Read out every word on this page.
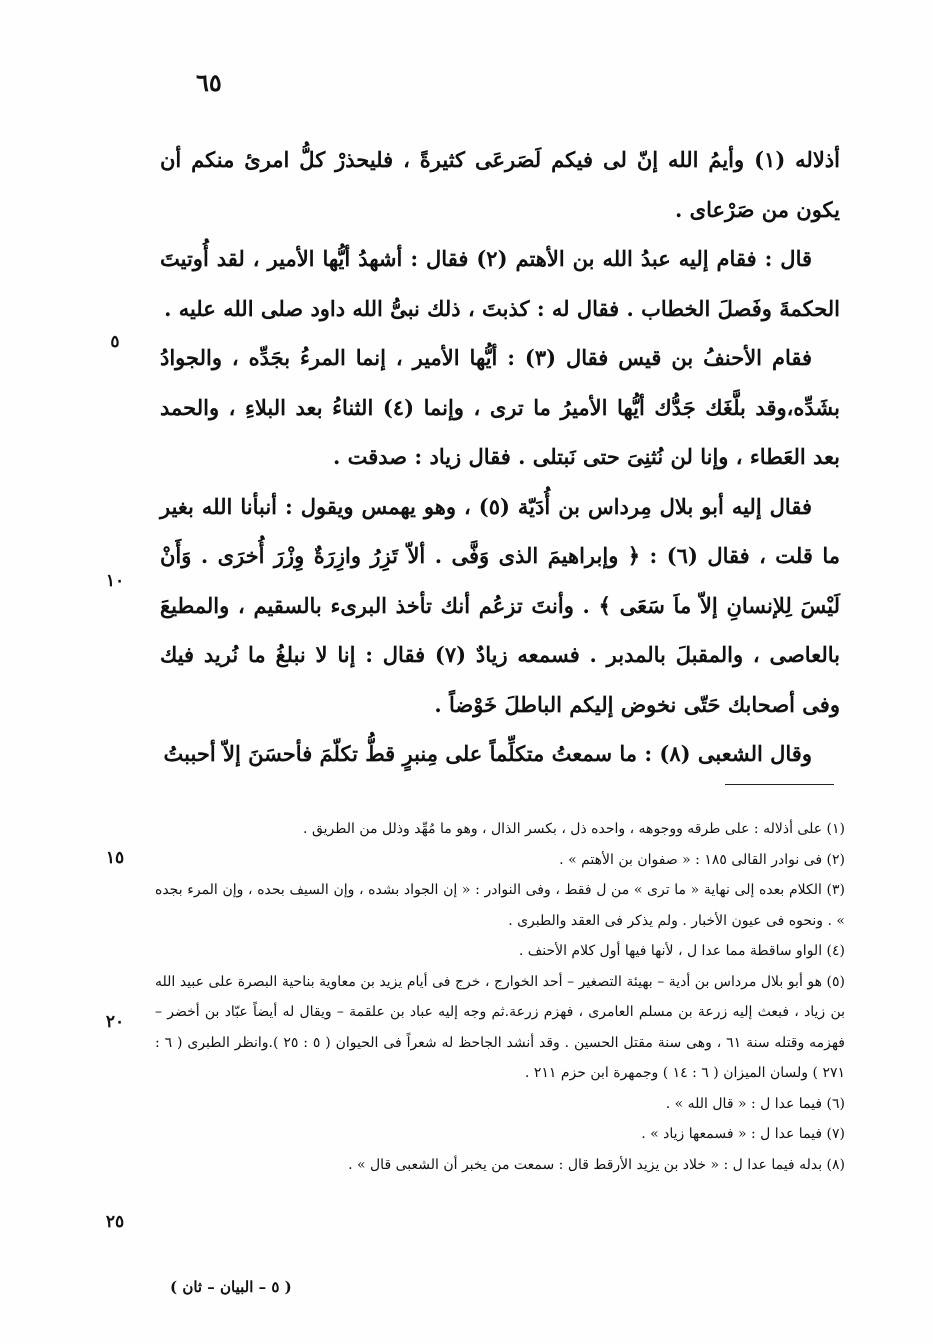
٦٥

أذلاله (١) وأيمُ الله إنّ لى فيكم لَصَرعَى كثيرةً ، فليحذرْ كلُّ امرئ منكم أن يكون من صَرْعاى .

قال : فقام إليه عبدُ الله بن الأهتم (٢) فقال : أشهدُ أيُّها الأمير ، لقد أُوتيتَ الحكمةَ وفَصلَ الخطاب . فقال له : كذبتَ ، ذلك نبىُّ الله داود صلى الله عليه .

فقام الأحنفُ بن قيس فقال (٣) : أيُّها الأمير ، إنما المرءُ بجَدِّه ، والجوادُ بشَدِّه،وقد بلَّغَك جَدُّك أيُّها الأميرُ ما ترى ، وإنما (٤) الثناءُ بعد البلاءِ ، والحمد بعد العَطاء ، وإنا لن نُثنِىَ حتى نَبتلى . فقال زياد : صدقت .

فقال إليه أبو بلال مِرداس بن أُدَيّة (٥) ، وهو يهمس ويقول : أنبأنا الله بغير ما قلت ، فقال (٦) : ﴿ وإبراهيمَ الذى وَفَّى . ألاّ تَزِرُ وازِرَةٌ وِزْرَ أُخرَى . وَأَنْ لَيْسَ لِلإنسانِ إلاّ ماَ سَعَى ﴾ . وأنتَ تزعُم أنك تأخذ البرىء بالسقيم ، والمطيعَ بالعاصى ، والمقبلَ بالمدبر . فسمعه زيادٌ (٧) فقال : إنا لا نبلغُ ما نُريد فيك وفى أصحابك حَتّى نخوض إليكم الباطلَ خَوْضاً .

وقال الشعبى (٨) : ما سمعتُ متكلِّماً على مِنبرٍ قطُّ تكلّمَ فأحسَنَ إلاّ أحببتُ

٥
١٠
١٥
٢٠
٢٥

(١) على أذلاله : على طرقه ووجوهه ، واحده ذل ، بكسر الذال ، وهو ما مُهِّد وذلل من الطريق .

(٢) فى نوادر القالى ١٨٥ : « صفوان بن الأهتم » .

(٣) الكلام بعده إلى نهاية « ما ترى » من ل فقط ، وفى النوادر : « إن الجواد بشده ، وإن السيف بحده ، وإن المرء بجده » . ونحوه فى عيون الأخبار . ولم يذكر فى العقد والطبرى .

(٤) الواو ساقطة مما عدا ل ، لأنها فيها أول كلام الأحنف .

(٥) هو أبو بلال مرداس بن أدية – بهيئة التصغير – أحد الخوارج ، خرج فى أيام يزيد بن معاوية بناحية البصرة على عبيد الله بن زياد ، فبعث إليه زرعة بن مسلم العامرى ، فهزم زرعة.ثم وجه إليه عباد بن علقمة – ويقال له أيضاً عبّاد بن أخضر – فهزمه وقتله سنة ٦١ ، وهى سنة مقتل الحسين . وقد أنشد الجاحظ له شعراً فى الحيوان ( ٥ : ٢٥ ).وانظر الطبرى ( ٦ : ٢٧١ ) ولسان الميزان ( ٦ : ١٤ ) وجمهرة ابن حزم ٢١١ .

(٦) فيما عدا ل : « قال الله » .

(٧) فيما عدا ل : « فسمعها زياد » .

(٨) بدله فيما عدا ل : « خلاد بن يزيد الأرقط قال : سمعت من يخبر أن الشعبى قال » .

( ٥ – البيان – ثان )
